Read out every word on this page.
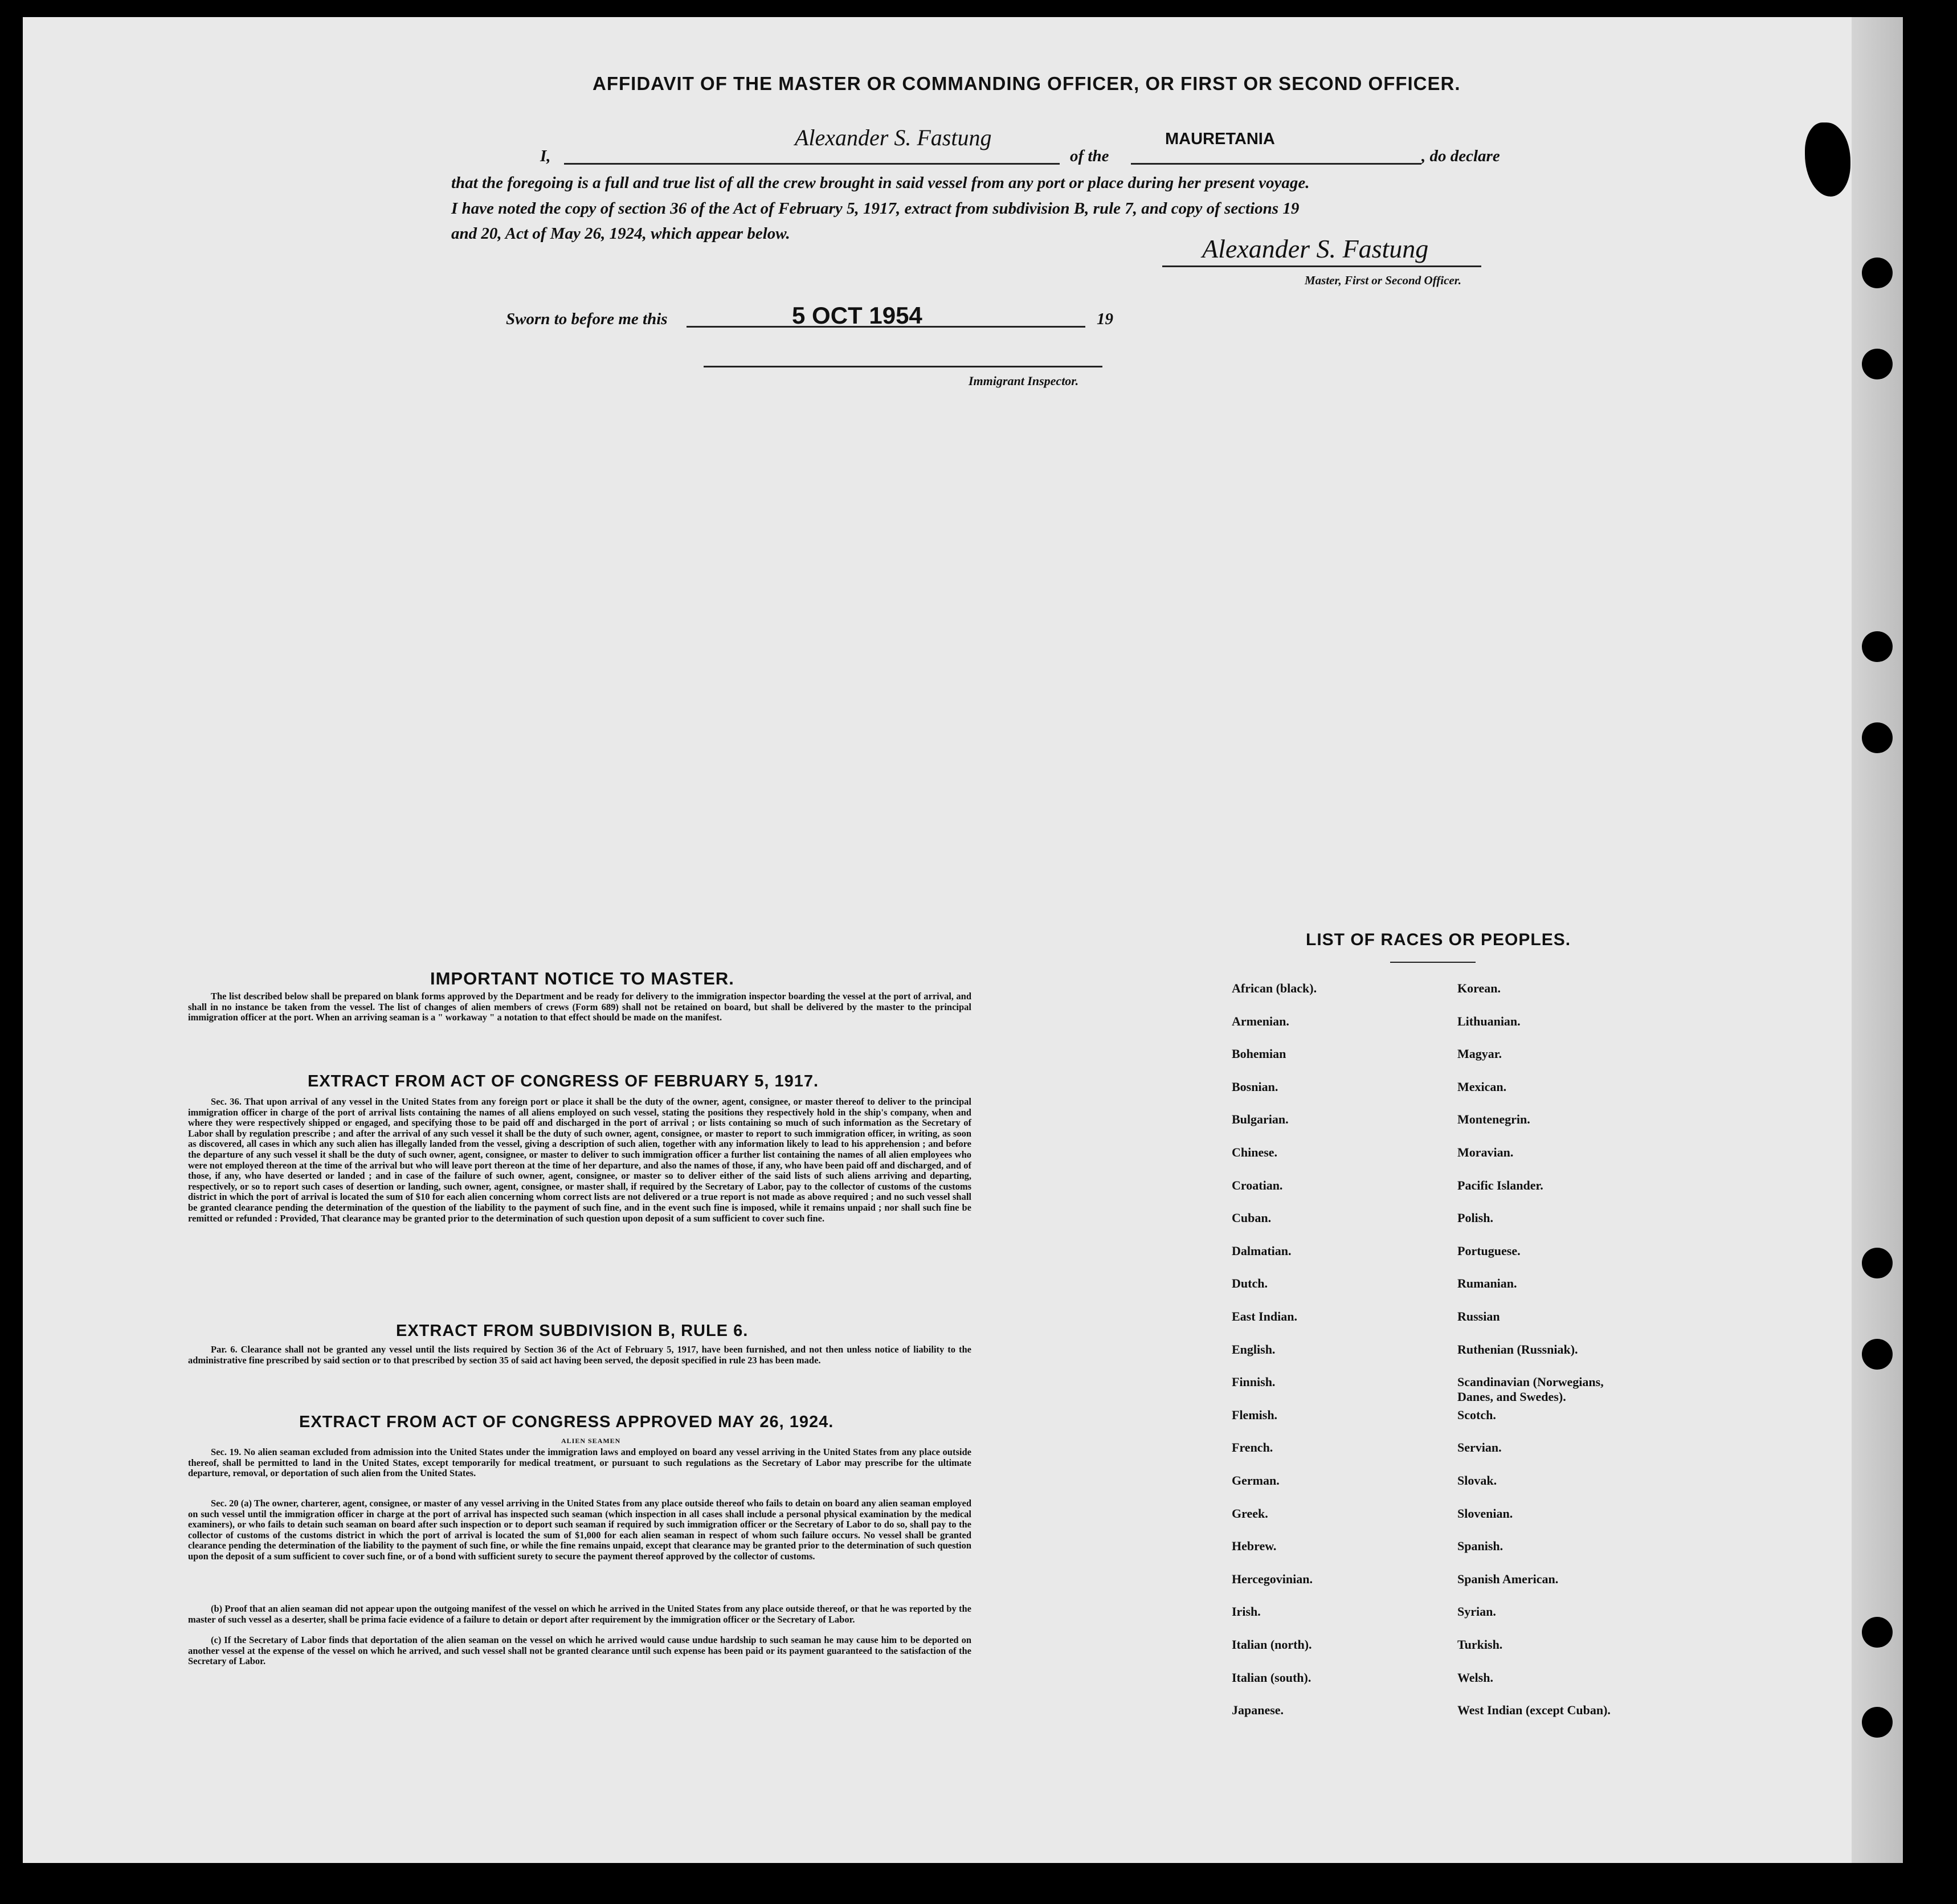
AFFIDAVIT OF THE MASTER OR COMMANDING OFFICER, OR FIRST OR SECOND OFFICER.
I,
Alexander S. Fastung
of the
MAURETANIA
, do declare
that the foregoing is a full and true list of all the crew brought in said vessel from any port or place during her present voyage.
I have noted the copy of section 36 of the Act of February 5, 1917, extract from subdivision B, rule 7, and copy of sections 19
and 20, Act of May 26, 1924, which appear below.
Alexander S. Fastung
Master, First or Second Officer.
Sworn to before me this	5 OCT 1954	19
Immigrant Inspector.
IMPORTANT NOTICE TO MASTER.
The list described below shall be prepared on blank forms approved by the Department and be ready for delivery to the immigration inspector boarding the vessel at the port of arrival, and shall in no instance be taken from the vessel. The list of changes of alien members of crews (Form 689) shall not be retained on board, but shall be delivered by the master to the principal immigration officer at the port. When an arriving seaman is a " workaway " a notation to that effect should be made on the manifest.
EXTRACT FROM ACT OF CONGRESS OF FEBRUARY 5, 1917.
Sec. 36. That upon arrival of any vessel in the United States from any foreign port or place it shall be the duty of the owner, agent, consignee, or master thereof to deliver to the principal immigration officer in charge of the port of arrival lists containing the names of all aliens employed on such vessel, stating the positions they respectively hold in the ship's company, when and where they were respectively shipped or engaged, and specifying those to be paid off and discharged in the port of arrival ; or lists containing so much of such information as the Secretary of Labor shall by regulation prescribe ; and after the arrival of any such vessel it shall be the duty of such owner, agent, consignee, or master to report to such immigration officer, in writing, as soon as discovered, all cases in which any such alien has illegally landed from the vessel, giving a description of such alien, together with any information likely to lead to his apprehension ; and before the departure of any such vessel it shall be the duty of such owner, agent, consignee, or master to deliver to such immigration officer a further list containing the names of all alien employees who were not employed thereon at the time of the arrival but who will leave port thereon at the time of her departure, and also the names of those, if any, who have been paid off and discharged, and of those, if any, who have deserted or landed ; and in case of the failure of such owner, agent, consignee, or master so to deliver either of the said lists of such aliens arriving and departing, respectively, or so to report such cases of desertion or landing, such owner, agent, consignee, or master shall, if required by the Secretary of Labor, pay to the collector of customs of the customs district in which the port of arrival is located the sum of $10 for each alien concerning whom correct lists are not delivered or a true report is not made as above required ; and no such vessel shall be granted clearance pending the determination of the question of the liability to the payment of such fine, and in the event such fine is imposed, while it remains unpaid ; nor shall such fine be remitted or refunded : Provided, That clearance may be granted prior to the determination of such question upon deposit of a sum sufficient to cover such fine.
EXTRACT FROM SUBDIVISION B, RULE 6.
Par. 6. Clearance shall not be granted any vessel until the lists required by Section 36 of the Act of February 5, 1917, have been furnished, and not then unless notice of liability to the administrative fine prescribed by said section or to that prescribed by section 35 of said act having been served, the deposit specified in rule 23 has been made.
EXTRACT FROM ACT OF CONGRESS APPROVED MAY 26, 1924.
ALIEN SEAMEN
Sec. 19. No alien seaman excluded from admission into the United States under the immigration laws and employed on board any vessel arriving in the United States from any place outside thereof, shall be permitted to land in the United States, except temporarily for medical treatment, or pursuant to such regulations as the Secretary of Labor may prescribe for the ultimate departure, removal, or deportation of such alien from the United States.
Sec. 20 (a) The owner, charterer, agent, consignee, or master of any vessel arriving in the United States from any place outside thereof who fails to detain on board any alien seaman employed on such vessel until the immigration officer in charge at the port of arrival has inspected such seaman (which inspection in all cases shall include a personal physical examination by the medical examiners), or who fails to detain such seaman on board after such inspection or to deport such seaman if required by such immigration officer or the Secretary of Labor to do so, shall pay to the collector of customs of the customs district in which the port of arrival is located the sum of $1,000 for each alien seaman in respect of whom such failure occurs. No vessel shall be granted clearance pending the determination of the liability to the payment of such fine, or while the fine remains unpaid, except that clearance may be granted prior to the determination of such question upon the deposit of a sum sufficient to cover such fine, or of a bond with sufficient surety to secure the payment thereof approved by the collector of customs.
(b) Proof that an alien seaman did not appear upon the outgoing manifest of the vessel on which he arrived in the United States from any place outside thereof, or that he was reported by the master of such vessel as a deserter, shall be prima facie evidence of a failure to detain or deport after requirement by the immigration officer or the Secretary of Labor.
(c) If the Secretary of Labor finds that deportation of the alien seaman on the vessel on which he arrived would cause undue hardship to such seaman he may cause him to be deported on another vessel at the expense of the vessel on which he arrived, and such vessel shall not be granted clearance until such expense has been paid or its payment guaranteed to the satisfaction of the Secretary of Labor.
LIST OF RACES OR PEOPLES.
African (black).
Armenian.
Bohemian
Bosnian.
Bulgarian.
Chinese.
Croatian.
Cuban.
Dalmatian.
Dutch.
East Indian.
English.
Finnish.
Flemish.
French.
German.
Greek.
Hebrew.
Hercegovinian.
Irish.
Italian (north).
Italian (south).
Japanese.
Korean.
Lithuanian.
Magyar.
Mexican.
Montenegrin.
Moravian.
Pacific Islander.
Polish.
Portuguese.
Rumanian.
Russian
Ruthenian (Russniak).
Scandinavian (Norwegians,
Danes, and Swedes).
Scotch.
Servian.
Slovak.
Slovenian.
Spanish.
Spanish American.
Syrian.
Turkish.
Welsh.
West Indian (except Cuban).
